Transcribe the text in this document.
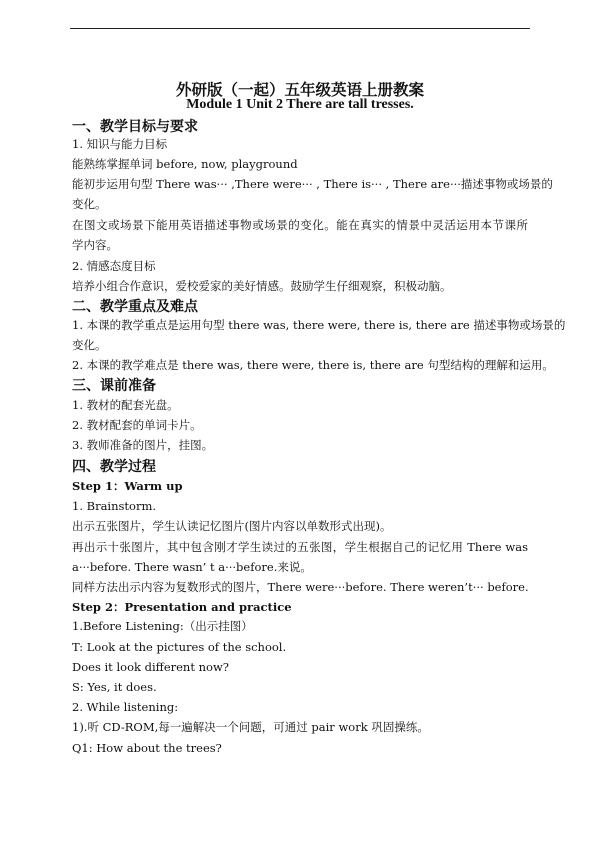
外研版（一起）五年级英语上册教案
Module 1 Unit 2 There are tall tresses.
一、教学目标与要求
1. 知识与能力目标
能熟练掌握单词 before, now, playground
能初步运用句型 There was··· ,There were··· , There is··· , There are···描述事物或场景的
变化。
在图文或场景下能用英语描述事物或场景的变化。能在真实的情景中灵活运用本节课所
学内容。
2. 情感态度目标
培养小组合作意识，爱校爱家的美好情感。鼓励学生仔细观察，积极动脑。
二、教学重点及难点
1. 本课的教学重点是运用句型 there was, there were, there is, there are 描述事物或场景的
变化。
2. 本课的教学难点是 there was, there were, there is, there are 句型结构的理解和运用。
三、课前准备
1. 教材的配套光盘。
2. 教材配套的单词卡片。
3. 教师准备的图片，挂图。
四、教学过程
Step 1：Warm up
1. Brainstorm.
出示五张图片，学生认读记忆图片(图片内容以单数形式出现)。
再出示十张图片，其中包含刚才学生读过的五张图，学生根据自己的记忆用 There was
a···before. There wasn’ t a···before.来说。
同样方法出示内容为复数形式的图片，There were···before. There weren’t··· before.
Step 2：Presentation and practice
1.Before Listening:（出示挂图）
T: Look at the pictures of the school.
Does it look different now?
S: Yes, it does.
2. While listening:
1).听 CD-ROM,每一遍解决一个问题，可通过 pair work 巩固操练。
Q1: How about the trees?
